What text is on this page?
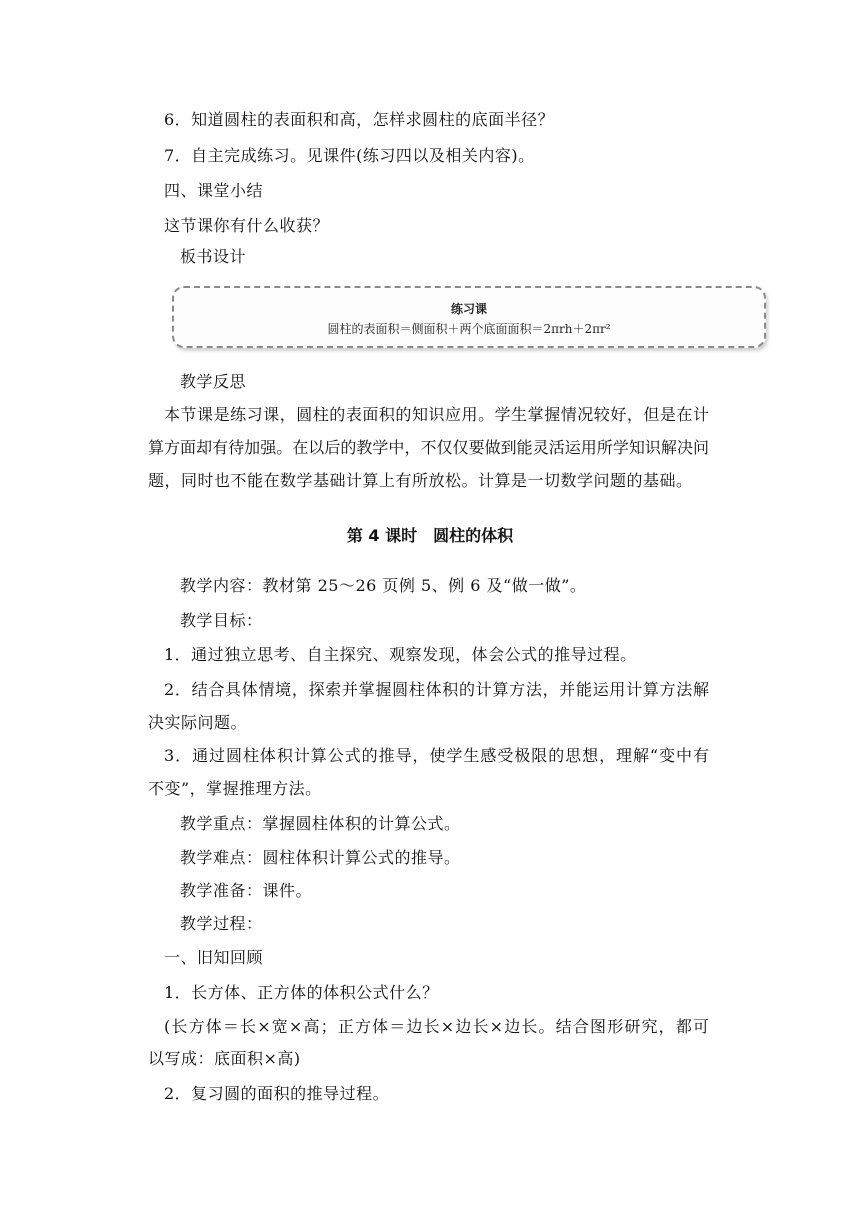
6．知道圆柱的表面积和高，怎样求圆柱的底面半径？
7．自主完成练习。见课件(练习四以及相关内容)。
四、课堂小结
这节课你有什么收获？
板书设计
练习课
圆柱的表面积＝侧面积＋两个底面面积＝2πrh＋2πr²
教学反思
本节课是练习课，圆柱的表面积的知识应用。学生掌握情况较好，但是在计
算方面却有待加强。在以后的教学中，不仅仅要做到能灵活运用所学知识解决问
题，同时也不能在数学基础计算上有所放松。计算是一切数学问题的基础。
第 4 课时　圆柱的体积
教学内容：教材第 25～26 页例 5、例 6 及“做一做”。
教学目标：
1．通过独立思考、自主探究、观察发现，体会公式的推导过程。
2．结合具体情境，探索并掌握圆柱体积的计算方法，并能运用计算方法解
决实际问题。
3．通过圆柱体积计算公式的推导，使学生感受极限的思想，理解“变中有
不变”，掌握推理方法。
教学重点：掌握圆柱体积的计算公式。
教学难点：圆柱体积计算公式的推导。
教学准备：课件。
教学过程：
一、旧知回顾
1．长方体、正方体的体积公式什么？
(长方体＝长×宽×高；正方体＝边长×边长×边长。结合图形研究，都可
以写成：底面积×高)
2．复习圆的面积的推导过程。
